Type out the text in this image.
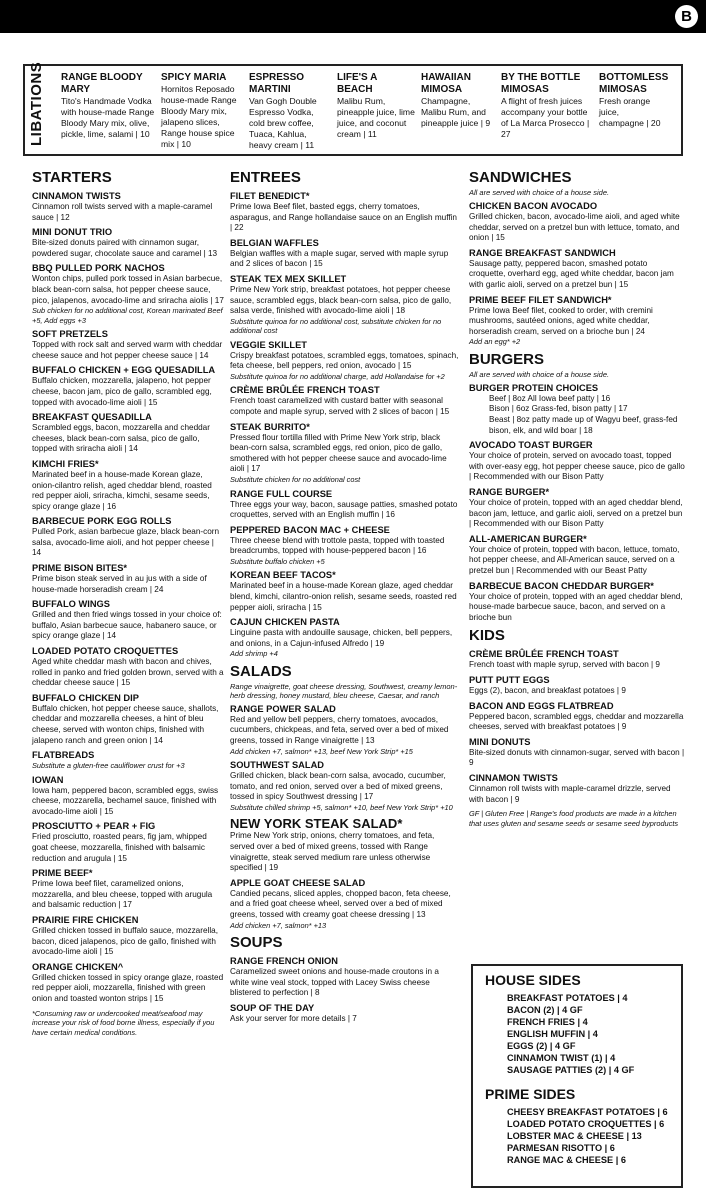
B
LIBATIONS RANGE BLOODY MARY
Tito's Handmade Vodka with house-made Range Bloody Mary mix, olive, pickle, lime, salami | 10
SPICY MARIA
Hornitos Reposado house-made Range Bloody Mary mix, jalapeno slices, Range house spice mix | 10
ESPRESSO MARTINI
Van Gogh Double Espresso Vodka, cold brew coffee, Tuaca, Kahlua, heavy cream | 11
LIFE'S A BEACH
Malibu Rum, pineapple juice, lime juice, and coconut cream | 11
HAWAIIAN MIMOSA
Champagne, Malibu Rum, and pineapple juice | 9
BY THE BOTTLE MIMOSAS
A flight of fresh juices accompany your bottle of La Marca Prosecco | 27
BOTTOMLESS MIMOSAS
Fresh orange juice, champagne | 20
STARTERS
CINNAMON TWISTS
Cinnamon roll twists served with a maple-caramel sauce | 12
MINI DONUT TRIO
Bite-sized donuts paired with cinnamon sugar, powdered sugar, chocolate sauce and caramel | 13
BBQ PULLED PORK NACHOS
Wonton chips, pulled pork tossed in Asian barbecue, black bean-corn salsa, hot pepper cheese sauce, pico, jalapenos, avocado-lime and sriracha aiolis | 17
Sub chicken for no additional cost, Korean marinated Beef +5, Add eggs +3
SOFT PRETZELS
Topped with rock salt and served warm with cheddar cheese sauce and hot pepper cheese sauce | 14
BUFFALO CHICKEN + EGG QUESADILLA
Buffalo chicken, mozzarella, jalapeno, hot pepper cheese, bacon jam, pico de gallo, scrambled egg, topped with avocado-lime aioli | 15
BREAKFAST QUESADILLA
Scrambled eggs, bacon, mozzarella and cheddar cheeses, black bean-corn salsa, pico de gallo, topped with sriracha aioli | 14
KIMCHI FRIES*
Marinated beef in a house-made Korean glaze, onion-cilantro relish, aged cheddar blend, roasted red pepper aioli, sriracha, kimchi, sesame seeds, spicy orange glaze | 16
BARBECUE PORK EGG ROLLS
Pulled Pork, asian barbecue glaze, black bean-corn salsa, avocado-lime aioli, and hot pepper cheese | 14
PRIME BISON BITES*
Prime bison steak served in au jus with a side of house-made horseradish cream | 24
BUFFALO WINGS
Grilled and then fried wings tossed in your choice of: buffalo, Asian barbecue sauce, habanero sauce, or spicy orange glaze | 14
LOADED POTATO CROQUETTES
Aged white cheddar mash with bacon and chives, rolled in panko and fried golden brown, served with a cheddar cheese sauce | 15
BUFFALO CHICKEN DIP
Buffalo chicken, hot pepper cheese sauce, shallots, cheddar and mozzarella cheeses, a hint of bleu cheese, served with wonton chips, finished with jalapeno ranch and green onion | 14
FLATBREADS
Substitute a gluten-free cauliflower crust for +3
IOWAN
Iowa ham, peppered bacon, scrambled eggs, swiss cheese, mozzarella, bechamel sauce, finished with avocado-lime aioli | 15
PROSCIUTTO + PEAR + FIG
Fried prosciutto, roasted pears, fig jam, whipped goat cheese, mozzarella, finished with balsamic reduction and arugula | 15
PRIME BEEF*
Prime Iowa beef filet, caramelized onions, mozzarella, and bleu cheese, topped with arugula and balsamic reduction | 17
PRAIRIE FIRE CHICKEN
Grilled chicken tossed in buffalo sauce, mozzarella, bacon, diced jalapenos, pico de gallo, finished with avocado-lime aioli | 15
ORANGE CHICKEN^
Grilled chicken tossed in spicy orange glaze, roasted red pepper aioli, mozzarella, finished with green onion and toasted wonton strips | 15
*Consuming raw or undercooked meat/seafood may increase your risk of food borne illness, especially if you have certain medical conditions.
ENTREES
FILET BENEDICT*
Prime Iowa Beef filet, basted eggs, cherry tomatoes, asparagus, and Range hollandaise sauce on an English muffin | 22
BELGIAN WAFFLES
Belgian waffles with a maple sugar, served with maple syrup and 2 slices of bacon | 15
STEAK TEX MEX SKILLET
Prime New York strip, breakfast potatoes, hot pepper cheese sauce, scrambled eggs, black bean-corn salsa, pico de gallo, salsa verde, finished with avocado-lime aioli | 18
Substitute quinoa for no additional cost, substitute chicken for no additional cost
VEGGIE SKILLET
Crispy breakfast potatoes, scrambled eggs, tomatoes, spinach, feta cheese, bell peppers, red onion, avocado | 15
Substitute quinoa for no additional charge, add Hollandaise for +2
CRÈME BRÛLÉE FRENCH TOAST
French toast caramelized with custard batter with seasonal compote and maple syrup, served with 2 slices of bacon | 15
STEAK BURRITO*
Pressed flour tortilla filled with Prime New York strip, black bean-corn salsa, scrambled eggs, red onion, pico de gallo, smothered with hot pepper cheese sauce and avocado-lime aioli | 17
Substitute chicken for no additional cost
RANGE FULL COURSE
Three eggs your way, bacon, sausage patties, smashed potato croquettes, served with an English muffin | 16
PEPPERED BACON MAC + CHEESE
Three cheese blend with trottole pasta, topped with toasted breadcrumbs, topped with house-peppered bacon | 16
Substitute buffalo chicken +5
KOREAN BEEF TACOS*
Marinated beef in a house-made Korean glaze, aged cheddar blend, kimchi, cilantro-onion relish, sesame seeds, roasted red pepper aioli, sriracha | 15
CAJUN CHICKEN PASTA
Linguine pasta with andouille sausage, chicken, bell peppers, and onions, in a Cajun-infused Alfredo | 19
Add shrimp +4
SALADS
Range vinaigrette, goat cheese dressing, Southwest, creamy lemon-herb dressing, honey mustard, bleu cheese, Caesar, and ranch
RANGE POWER SALAD
Red and yellow bell peppers, cherry tomatoes, avocados, cucumbers, chickpeas, and feta, served over a bed of mixed greens, tossed in Range vinaigrette | 13
Add chicken +7, salmon* +13, beef New York Strip* +15
SOUTHWEST SALAD
Grilled chicken, black bean-corn salsa, avocado, cucumber, tomato, and red onion, served over a bed of mixed greens, tossed in spicy Southwest dressing | 17
Substitute chilled shrimp +5, salmon* +10, beef New York Strip* +10
NEW YORK STEAK SALAD*
Prime New York strip, onions, cherry tomatoes, and feta, served over a bed of mixed greens, tossed with Range vinaigrette, steak served medium rare unless otherwise specified | 19
APPLE GOAT CHEESE SALAD
Candied pecans, sliced apples, chopped bacon, feta cheese, and a fried goat cheese wheel, served over a bed of mixed greens, tossed with creamy goat cheese dressing | 13
Add chicken +7, salmon* +13
SOUPS
RANGE FRENCH ONION
Caramelized sweet onions and house-made croutons in a white wine veal stock, topped with Lacey Swiss cheese blistered to perfection | 8
SOUP OF THE DAY
Ask your server for more details | 7
SANDWICHES
All are served with choice of a house side.
CHICKEN BACON AVOCADO
Grilled chicken, bacon, avocado-lime aioli, and aged white cheddar, served on a pretzel bun with lettuce, tomato, and onion | 15
RANGE BREAKFAST SANDWICH
Sausage patty, peppered bacon, smashed potato croquette, overhard egg, aged white cheddar, bacon jam with garlic aioli, served on a pretzel bun | 15
PRIME BEEF FILET SANDWICH*
Prime Iowa Beef filet, cooked to order, with cremini mushrooms, sautéed onions, aged white cheddar, horseradish cream, served on a brioche bun | 24
Add an egg* +2
BURGERS
All are served with choice of a house side.
BURGER PROTEIN CHOICES
Beef | 8oz All Iowa beef patty | 16
Bison | 6oz Grass-fed, bison patty | 17
Beast | 8oz patty made up of Wagyu beef, grass-fed bison, elk, and wild boar | 18
AVOCADO TOAST BURGER
Your choice of protein, served on avocado toast, topped with over-easy egg, hot pepper cheese sauce, pico de gallo | Recommended with our Bison Patty
RANGE BURGER*
Your choice of protein, topped with an aged cheddar blend, bacon jam, lettuce, and garlic aioli, served on a pretzel bun | Recommended with our Bison Patty
ALL-AMERICAN BURGER*
Your choice of protein, topped with bacon, lettuce, tomato, hot pepper cheese, and All-American sauce, served on a pretzel bun | Recommended with our Beast Patty
BARBECUE BACON CHEDDAR BURGER*
Your choice of protein, topped with an aged cheddar blend, house-made barbecue sauce, bacon, and served on a brioche bun
KIDS
CRÈME BRÛLÉE FRENCH TOAST
French toast with maple syrup, served with bacon | 9
PUTT PUTT EGGS
Eggs (2), bacon, and breakfast potatoes | 9
BACON AND EGGS FLATBREAD
Peppered bacon, scrambled eggs, cheddar and mozzarella cheeses, served with breakfast potatoes | 9
MINI DONUTS
Bite-sized donuts with cinnamon-sugar, served with bacon | 9
CINNAMON TWISTS
Cinnamon roll twists with maple-caramel drizzle, served with bacon | 9
GF | Gluten Free | Range's food products are made in a kitchen that uses gluten and sesame seeds or sesame seed byproducts
HOUSE SIDES
BREAKFAST POTATOES | 4
BACON (2) | 4 GF
FRENCH FRIES | 4
ENGLISH MUFFIN | 4
EGGS (2) | 4 GF
CINNAMON TWIST (1) | 4
SAUSAGE PATTIES (2) | 4 GF
PRIME SIDES
CHEESY BREAKFAST POTATOES | 6
LOADED POTATO CROQUETTES | 6
LOBSTER MAC & CHEESE | 13
PARMESAN RISOTTO | 6
RANGE MAC & CHEESE | 6
